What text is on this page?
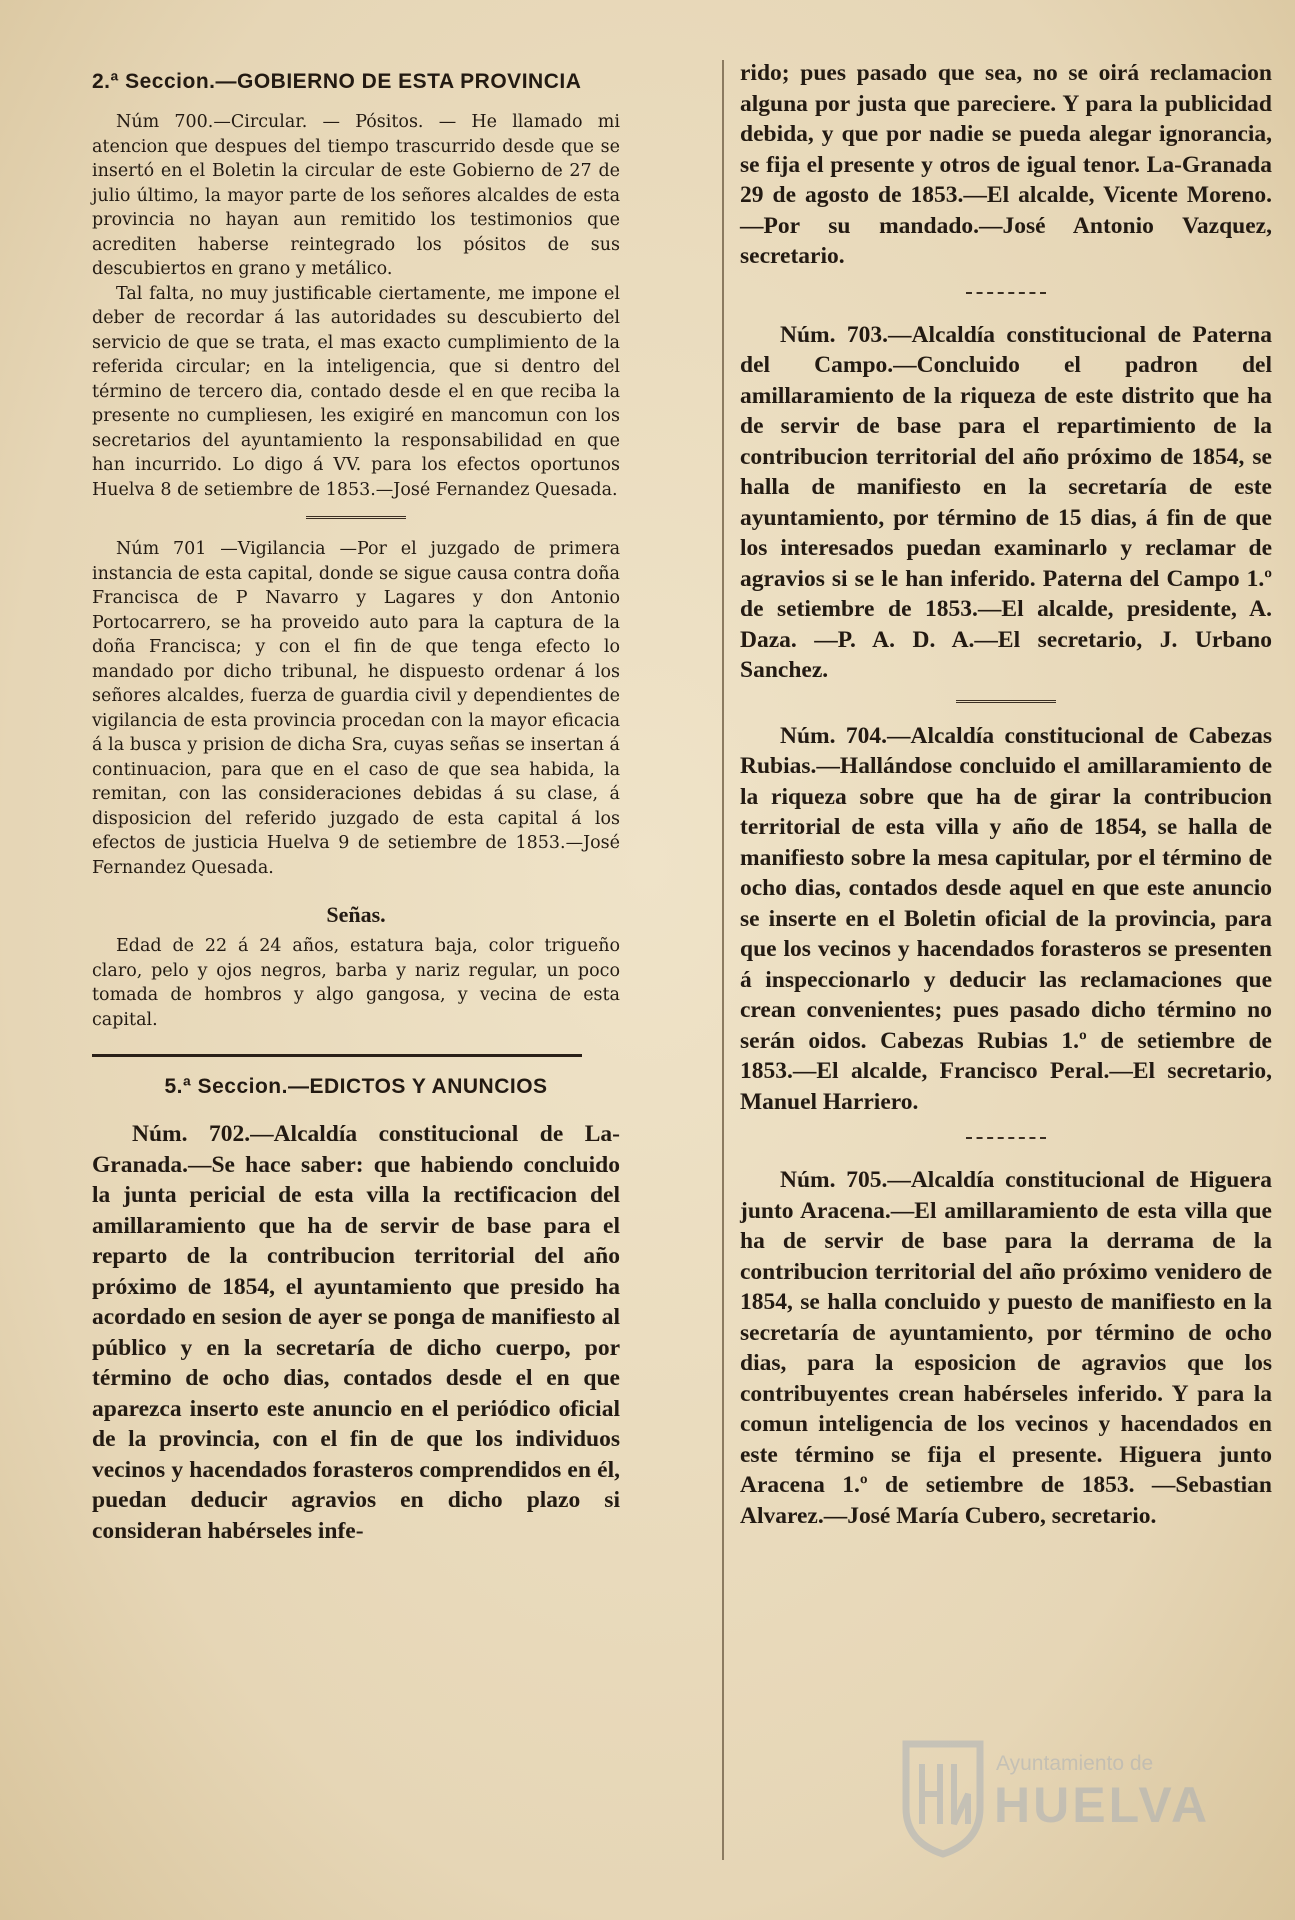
2.ª Seccion.—GOBIERNO DE ESTA PROVINCIA

Núm 700.—Circular. — Pósitos. — He llamado mi atencion que despues del tiempo trascurrido desde que se insertó en el Boletin la circular de este Gobierno de 27 de julio último, la mayor parte de los señores alcaldes de esta provincia no hayan aun remitido los testimonios que acrediten haberse reintegrado los pósitos de sus descubiertos en grano y metálico.

Tal falta, no muy justificable ciertamente, me impone el deber de recordar á las autoridades su descubierto del servicio de que se trata, el mas exacto cumplimiento de la referida circular; en la inteligencia, que si dentro del término de tercero dia, contado desde el en que reciba la presente no cumpliesen, les exigiré en mancomun con los secretarios del ayuntamiento la responsabilidad en que han incurrido. Lo digo á VV. para los efectos oportunos Huelva 8 de setiembre de 1853.—José Fernandez Quesada.

Núm 701 —Vigilancia —Por el juzgado de primera instancia de esta capital, donde se sigue causa contra doña Francisca de P Navarro y Lagares y don Antonio Portocarrero, se ha proveido auto para la captura de la doña Francisca; y con el fin de que tenga efecto lo mandado por dicho tribunal, he dispuesto ordenar á los señores alcaldes, fuerza de guardia civil y dependientes de vigilancia de esta provincia procedan con la mayor eficacia á la busca y prision de dicha Sra, cuyas señas se insertan á continuacion, para que en el caso de que sea habida, la remitan, con las consideraciones debidas á su clase, á disposicion del referido juzgado de esta capital á los efectos de justicia Huelva 9 de setiembre de 1853.—José Fernandez Quesada.

Señas.

Edad de 22 á 24 años, estatura baja, color trigueño claro, pelo y ojos negros, barba y nariz regular, un poco tomada de hombros y algo gangosa, y vecina de esta capital.

5.ª Seccion.—EDICTOS Y ANUNCIOS

Núm. 702.—Alcaldía constitucional de La-Granada.—Se hace saber: que habiendo concluido la junta pericial de esta villa la rectificacion del amillaramiento que ha de servir de base para el reparto de la contribucion territorial del año próximo de 1854, el ayuntamiento que presido ha acordado en sesion de ayer se ponga de manifiesto al público y en la secretaría de dicho cuerpo, por término de ocho dias, contados desde el en que aparezca inserto este anuncio en el periódico oficial de la provincia, con el fin de que los individuos vecinos y hacendados forasteros comprendidos en él, puedan deducir agravios en dicho plazo si consideran habérseles infe-

rido; pues pasado que sea, no se oirá reclamacion alguna por justa que pareciere. Y para la publicidad debida, y que por nadie se pueda alegar ignorancia, se fija el presente y otros de igual tenor. La-Granada 29 de agosto de 1853.—El alcalde, Vicente Moreno.—Por su mandado.—José Antonio Vazquez, secretario.

Núm. 703.—Alcaldía constitucional de Paterna del Campo.—Concluido el padron del amillaramiento de la riqueza de este distrito que ha de servir de base para el repartimiento de la contribucion territorial del año próximo de 1854, se halla de manifiesto en la secretaría de este ayuntamiento, por término de 15 dias, á fin de que los interesados puedan examinarlo y reclamar de agravios si se le han inferido. Paterna del Campo 1.º de setiembre de 1853.—El alcalde, presidente, A. Daza. —P. A. D. A.—El secretario, J. Urbano Sanchez.

Núm. 704.—Alcaldía constitucional de Cabezas Rubias.—Hallándose concluido el amillaramiento de la riqueza sobre que ha de girar la contribucion territorial de esta villa y año de 1854, se halla de manifiesto sobre la mesa capitular, por el término de ocho dias, contados desde aquel en que este anuncio se inserte en el Boletin oficial de la provincia, para que los vecinos y hacendados forasteros se presenten á inspeccionarlo y deducir las reclamaciones que crean convenientes; pues pasado dicho término no serán oidos. Cabezas Rubias 1.º de setiembre de 1853.—El alcalde, Francisco Peral.—El secretario, Manuel Harriero.

Núm. 705.—Alcaldía constitucional de Higuera junto Aracena.—El amillaramiento de esta villa que ha de servir de base para la derrama de la contribucion territorial del año próximo venidero de 1854, se halla concluido y puesto de manifiesto en la secretaría de ayuntamiento, por término de ocho dias, para la esposicion de agravios que los contribuyentes crean habérseles inferido. Y para la comun inteligencia de los vecinos y hacendados en este término se fija el presente. Higuera junto Aracena 1.º de setiembre de 1853. —Sebastian Alvarez.—José María Cubero, secretario.

Ayuntamiento de
HUELVA
